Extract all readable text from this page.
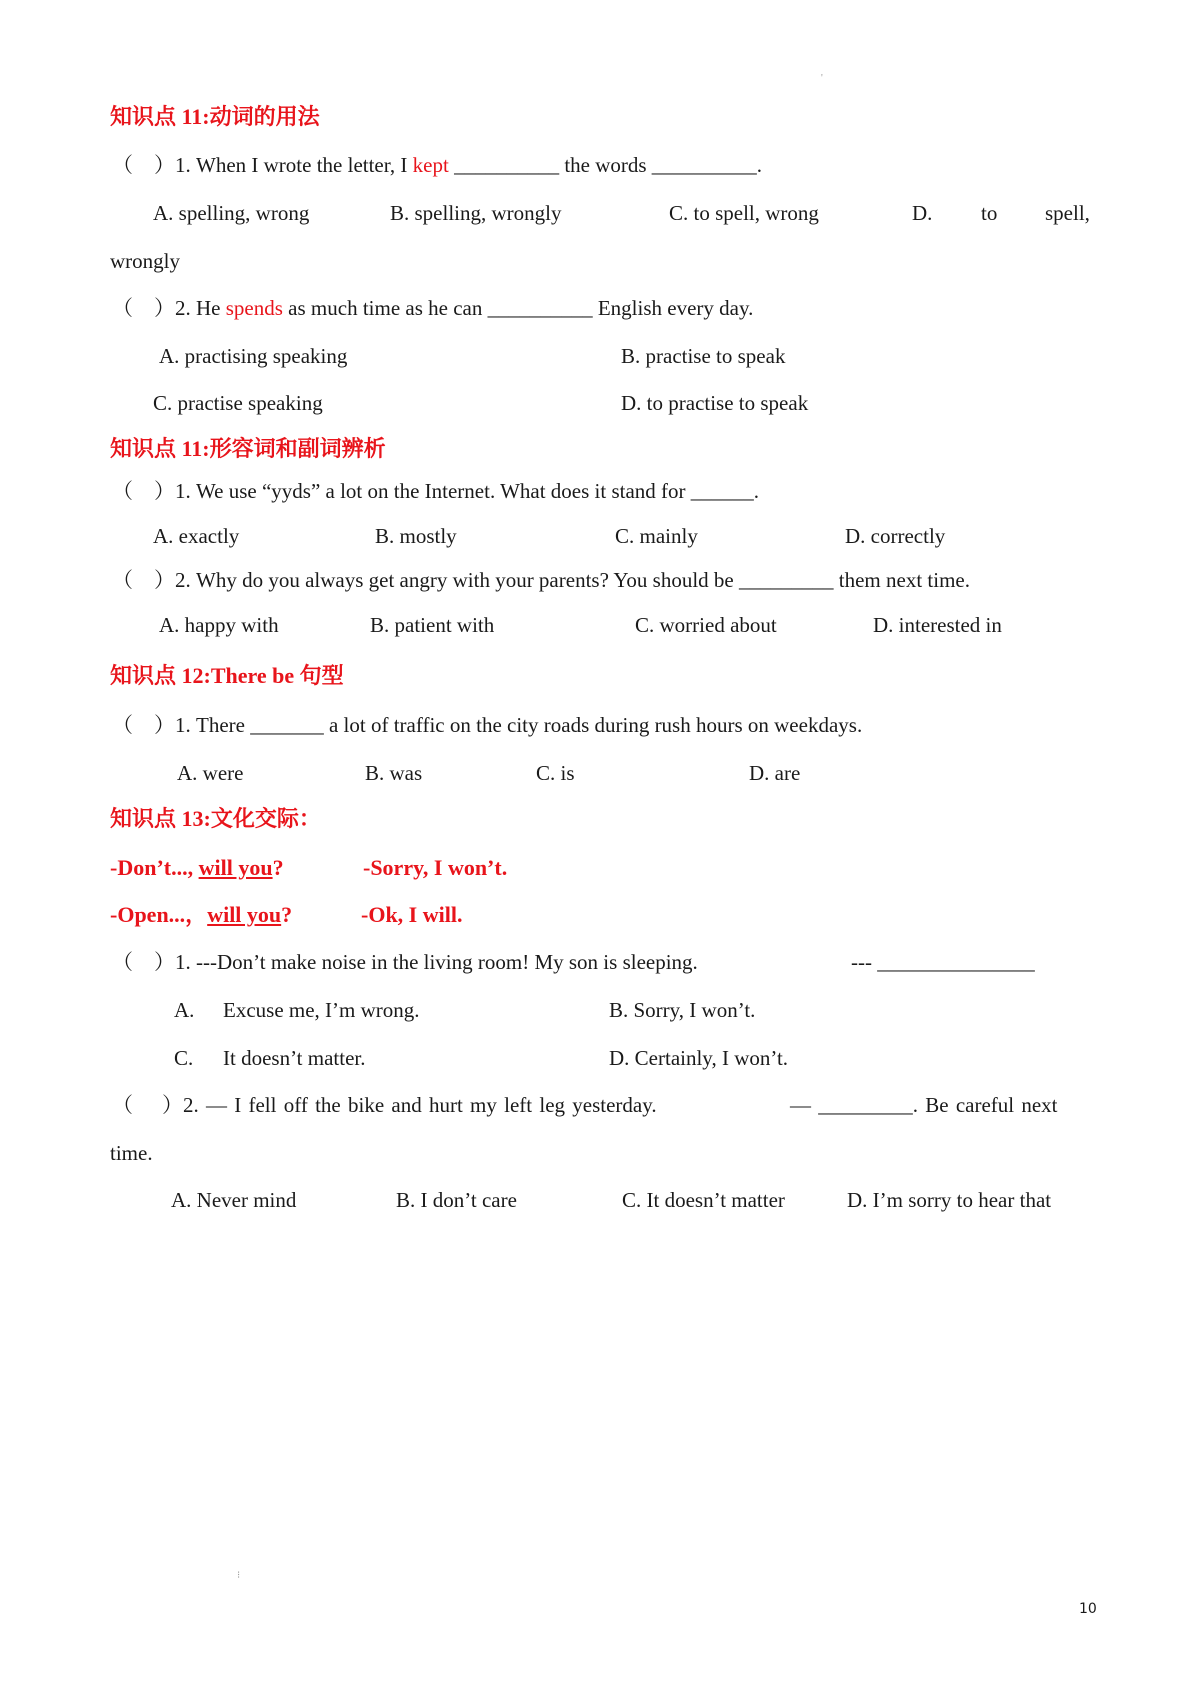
'
⁝
知识点 11:动词的用法
（    ）1. When I wrote the letter, I kept __________ the words __________.
A. spelling, wrong	B. spelling, wrongly	C. to spell, wrong	D. to spell,
wrongly
（    ）2. He spends as much time as he can __________ English every day.
A. practising speaking	B. practise to speak
C. practise speaking	D. to practise to speak
知识点 11:形容词和副词辨析
（    ）1. We use “yyds” a lot on the Internet. What does it stand for ______.
A. exactly	B. mostly	C. mainly	D. correctly
（    ）2. Why do you always get angry with your parents? You should be _________ them next time.
A. happy with	B. patient with	C. worried about	D. interested in
知识点 12:There be 句型
（    ）1. There _______ a lot of traffic on the city roads during rush hours on weekdays.
A. were	B. was	C. is	D. are
知识点 13:文化交际：
-Don’t..., will you?	-Sorry, I won’t.
-Open...，will you?	-Ok, I will.
（    ）1. ---Don’t make noise in the living room! My son is sleeping.	--- _______________
A. Excuse me, I’m wrong.	B. Sorry, I won’t.
C. It doesn’t matter.	D. Certainly, I won’t.
（    ）2. — I fell off the bike and hurt my left leg yesterday.	— _________. Be careful next
time.
A. Never mind	B. I don’t care	C. It doesn’t matter	D. I’m sorry to hear that
10
